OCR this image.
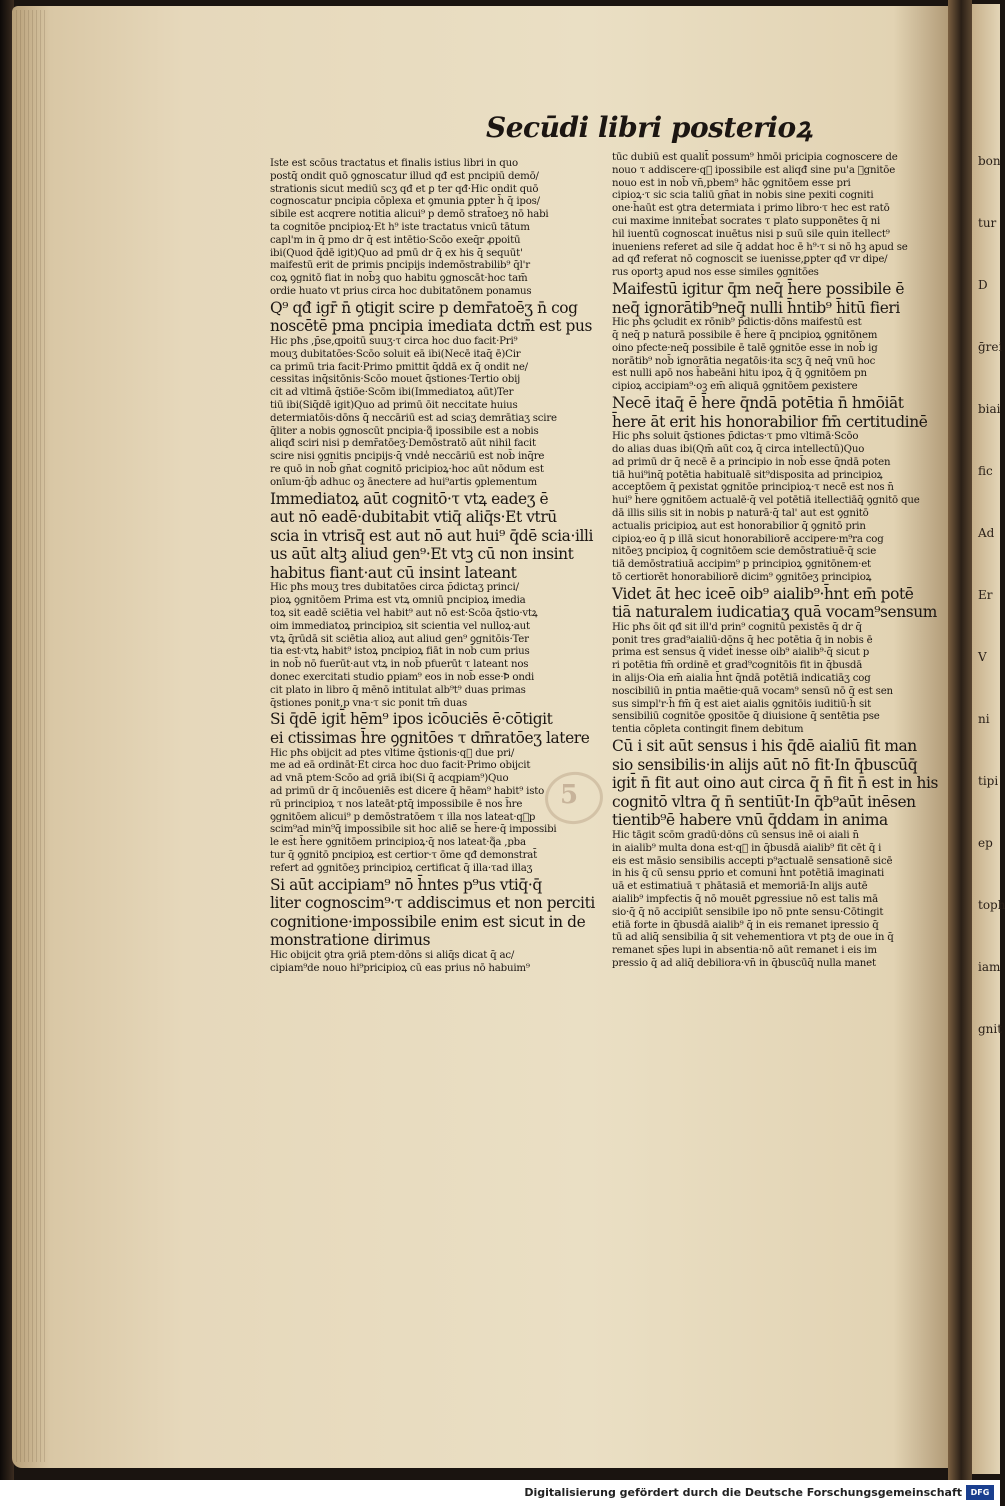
bon
tur
D
ḡrei
biai
fic
Ad
Er
V
ni
tipi
ep
toph
iam
gnit
Secūdi libri posterioꝝ
Iste est scōus tractatus et finalis istius libri in quo
postq̄ ondit quō ꝯgnoscatur illud qđ est pncipiū demō/
strationis sicut mediū scʒ qđ et ꝑ ter qđ·Hic ondit quō
cognoscatur pncipia cōplexa et ꝯmunia ꝑpter h̄ q̄ ipos/
sibile est acqrere notitia alicui⁹ p demō strat̄oeʒ nō habi
ta cognitōe pncipioꝝ·Et h⁹ iste tractatus vnicū tātum
capl'm in q̄ pmo dr q̄ est intētio·Scōo exeq̄r ꝓpoitū
ibi(Quod q̄dē igit)Quo ad pmū dr q̄ ex his q̄ sequūt'
maifestū erit de primis pncipijs indemōstrabilib⁹ q̄l'r
coꝝ ꝯgnitō fiat in nob̄ꝫ quo habitu ꝯgnoscāt·hoc tam̄
ordie huato vt prius circa hoc dubitatōnem ponamus
Q⁹ qđ igr̄ n̄ ꝯtigit scire p demr̄atoēʒ n̄ cog
noscētē pma pncipia imediata dctm̄ est pus
Hic pħs ,p̄se,qpoitū suuʒ·τ circa hoc duo facit·Pri⁹
mouʒ dubitatōes·Scōo soluit eā ibi(Necē itaq̄ ē)Cir
ca primū tria facit·Primo pmittit q̄ddā ex q̄ ondit ne/
cessitas inq̄sitōnis·Scōo mouet q̄stiones·Tertio obij
cit ad vltimā q̄stiōe·Scōm ibi(Immediatoꝝ aūt)Ter
tiū ibi(Siq̄dē igit)Quo ad primū ōit neccitate huius
determiatōis·dōns q̄ neccāriū est ad sciaʒ demrātiaʒ scire
q̄liter a nobis ꝯgnoscūt pncipia·q᷑ ipossibile est a nobis
aliqđ sciri nisi p demr̄atōeʒ·Demōstratō aūt nihil facit
scire nisi ꝯgnitis pncipijs·q̄ vnde̾ neccāriū est nob̄ inq̄re
re quō in nob̄ gn̄at cognitō pricipioꝝ·hoc aūt nōdum est
onīum·q̄ḃ adhuc oꝫ ānectere ad hui⁹artis ꝯplementum
Immediatoꝝ aūt cognitō·τ vtꝝ eadeʒ ē
aut nō eadē·dubitabit vtiq̄ aliq̄s·Et vtrū
scia in vtrisq̄ est aut nō aut hui⁹ q̄dē scia·illi
us aūt altꝫ aliud gen⁹·Et vtꝫ cū non insint
habitus fiant·aut cū insint lateant
Hic pħs mouʒ tres dubitatōes circa p̄dictaʒ princi/
pioꝝ ꝯgnitōem Prima est vtꝝ omniū pncipioꝝ imedia
toꝝ sit eadē sciētia vel habit⁹ aut nō est·Scōa q̄stio·vtꝝ
oim immediatoꝝ principioꝝ sit scientia vel nulloꝝ·aut
vtꝝ q̄rūdā sit sciētia alioꝝ aut aliud gen⁹ ꝯgnitōis·Ter
tia est·vtꝝ habit⁹ istoꝝ pncipioꝝ fiāt in nob̄ cum prius
in nob̄ nō fuerūt·aut vtꝝ in nob̄ pfuerūt τ lateant nos
donec exercitati studio ꝑpiam⁹ eos in nob̄ esse·Ꝥ ondi
cit plato in libro q̄ mēnō intitulat alb⁹t⁹ duas primas
q̄stiones ponit,p vna·τ sic ponit tm̄ duas
Si q̄dē igit̄ hēm⁹ ipos icōuciēs ē·cōtigit
ei ctissimas h̄re ꝯgnitōes τ dm̄ratōeʒ latere
Hic pħs obijcit ad ptes vltime q̄stionis·q᷑ due pri/
me ad eā ordināt·Et circa hoc duo facit·Primo obijcit
ad vnā ptem·Scōo ad ꝯriā ibi(Si q̄ acqpiam⁹)Quo
ad primū dr q̄ incōueniēs est dicere q̄ hēam⁹ habit⁹ isto
rū principioꝝ τ nos lateāt·ꝑtq̄ impossibile ē nos h̄re
ꝯgnitōem alicui⁹ p demōstratōem τ illa nos lateat·q᷑p
scim⁹ad min⁹q̄ impossibile sit hoc aliē̄ se h̄ere·q̄ impossibi
le est h̄ere ꝯgnitōem principioꝝ·q̄ nos lateat·q᷑a ,pba
tur q̄ ꝯgnitō pncipioꝝ est certior·τ ōme qđ demonstrat̄
refert ad ꝯgnitōeʒ principioꝝ certificat q̄ illa·τad illaʒ
Si aūt accipiam⁹ nō h̄ntes p⁹us vtiq̄·q̄
liter cognoscim⁹·τ addiscimus et non perciti
cognitione·impossibile enim est sicut in de
monstratione dirimus
Hic obijcit ꝯtra ꝯriā ptem·dōns si aliq̄s dicat q̄ ac/
cipiam⁹de nouo hi⁹pricipioꝝ cū eas prius nō habuim⁹
tūc dubiū est qualit̄ possum⁹ hmōi pricipia cognoscere de
nouo τ addiscere·q᷑ ipossibile est aliqđ sine pu'a ꝯgnitōe
nouo est in nob̄ vn̄,pbem⁹ hāc ꝯgnitōem esse pri
cipioꝝ·τ sic scia taliū gn̄at in nobis sine pexiti cogniti
one·h̄aūt est ꝯtra determiata i primo libro·τ hec est ratō
cui maxime inniteb̄at socrates τ plato supponētes q̄ ni
hil iuentū cognoscat inuētus nisi p suū sile quin itellect⁹
inueniens referet ad sile q̄ addat hoc ē h⁹·τ si nō hꝫ apud se
ad qđ referat nō cognoscit se iuenisse,ꝑpter qđ vr dipe/
rus oportꝫ apud nos esse similes ꝯgnitōes
Maifestū igitur q̄m neq̄ h̄ere possibile ē
neq̄ ignorātib⁹neq̄ nulli h̄ntib⁹ h̄itū fieri
Hic pħs ꝯcludit ex rōnib⁹ p̄dictis·dōns maifestū est
q̄ neq̄ p naturā possibile ē h̄ere q̄ pncipioꝝ ꝯgnitōnem
oino pfecte·neq̄ possibile ē talē ꝯgnitōe esse in nob̄ ig
norātib⁹ nob̄ ignorātia negatōis·ita scʒ q̄ neq̄ vnū hoc
est nulli apō nos h̄abeāni hitu ipoꝝ q̄ q̄ ꝯgnitōem pn
cipioꝝ accipiam⁹·oꝫ em̄ aliquā ꝯgnitōem ꝑexistere
Necē itaq̄ ē h̄ere q̄ndā potētia n̄ hmōiāt
h̄ere āt erit his honorabilior fm̄ certitudinē
Hic pħs soluit q̄stiones p̄dictas·τ pmo vltimā·Scōo
do alias duas ibi(Qm̄ aūt coꝝ q̄ circa intellectū)Quo
ad primū dr q̄ necē ē a principio in nob̄ esse q̄ndā poten
tiā hui⁹inq̄ potētia habitualē sit⁹disposita ad principioꝝ
acceptōem q̄ ꝑexistat ꝯgnitōe principioꝝ·τ necē est nos n̄
hui⁹ h̄ere ꝯgnitōem actualē·q̄ vel potētiā itellectiāq̄ ꝯgnitō que
dā illis silis sit in nobis p naturā·q̄ tal' aut est ꝯgnitō
actualis pricipioꝝ aut est honorabilior q̄ ꝯgnitō prin
cipioꝝ·eo q̄ p illā sicut honorabiliorē accipere·m⁹ra cog
nitōeʒ pncipioꝝ q̄ cognitōem scie demōstratiuē·q̄ scie
tiā demōstratiuā accipim⁹ p principioꝝ ꝯgnitōnem·et
tō certiorēt honorabiliorē dicim⁹ ꝯgnitōeʒ principioꝝ
Videt āt hec iceē oib⁹ aialib⁹·h̄nt em̄ potē
tiā naturalem iudicatiaʒ quā vocam⁹sensum
Hic pħs ōit qđ sit ill'd prin⁹ cognitū pexistēs q̄ dr q̄
ponit tres grad⁹aialiū·dōns q̄ hec potētia q̄ in nobis ē
prima est sensus q̄ videt̄ inesse oib⁹ aialib⁹·q̄ sicut p
ri potētia fm̄ ordinē et grad⁹cognitōis fit in q̄busdā
in alijs·Oia em̄ aialia h̄nt q̄ndā potētiā indicatiāʒ cog
noscibiliū in ꝑntia maētie·quā vocam⁹ sensū nō q̄ est sen
sus simpl'r·h̄ fm̄ q̄ est aiet aialis ꝯgnitōis iuditiū·h̄ sit
sensibiliū cognitōe ꝯpositōe q̄ diuisione q̄ sentētia pse
tentia cōpleta contingit finem debitum
Cū i sit aūt sensus i his q̄dē aialiū fit man
sio sensibilis·in alijs aūt nō fit·In q̄buscūq̄
igit̄ n̄ fit aut oino aut circa q̄ n̄ fit n̄ est in his
cognitō vltra q̄ n̄ sentiūt·In q̄b⁹aūt inēsen
tientib⁹ē habere vnū q̄ddam in anima
Hic tāgit scōm gradū·dōns cū sensus inē oi aiali n̄
in aialib⁹ multa dona est·q᷑ in q̄busdā aialib⁹ fit cēt q̄ i
eis est māsio sensibilis accepti p⁹actualē sensationē sicē
in his q̄ cū sensu ꝑprio et comuni h̄nt potētiā imaginati
uā et estimatiuā τ phātasiā et memoriā·In alijs autē
aialib⁹ impfectis q̄ nō mouēt ꝑgressiue nō est talis mā
sio·q̄ q̄ nō accipiūt sensibile ipo nō pnte sensu·Cōtingit
etiā forte in q̄busdā aialib⁹ q̄ in eis remanet ipressio q̄
tū ad aliq̄ sensibilia q̄ sit vehementiora vt ptꝫ de oue in q̄
remanet sp̄es lupi in absentia·nō aūt remanet i eis im
pressio q̄ ad aliq̄ debiliora·vn̄ in q̄buscūq̄ nulla manet
5
Digitalisierung gefördert durch die Deutsche Forschungsgemeinschaft	DFG
